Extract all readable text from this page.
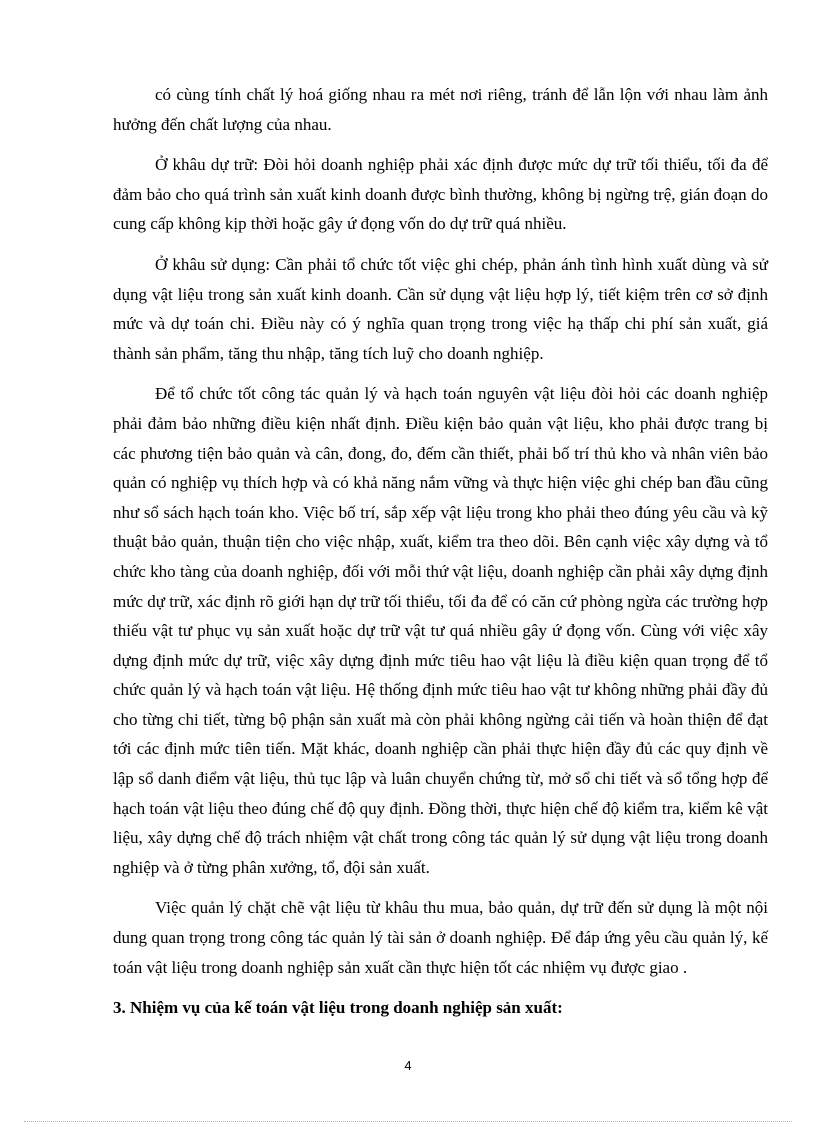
có cùng tính chất lý hoá giống nhau ra mét nơi riêng, tránh để lẫn lộn với nhau làm ảnh hưởng đến chất lượng của nhau.

Ở khâu dự trữ: Đòi hỏi doanh nghiệp phải xác định được mức dự trữ tối thiểu, tối đa để đảm bảo cho quá trình sản xuất kinh doanh được bình thường, không bị ngừng trệ, gián đoạn do cung cấp không kịp thời hoặc gây ứ đọng vốn do dự trữ quá nhiều.

Ở khâu sử dụng: Cần phải tổ chức tốt việc ghi chép, phản ánh tình hình xuất dùng và sử dụng vật liệu trong sản xuất kinh doanh. Cần sử dụng vật liệu hợp lý, tiết kiệm trên cơ sở định mức và dự toán chi. Điều này có ý nghĩa quan trọng trong việc hạ thấp chi phí sản xuất, giá thành sản phẩm, tăng thu nhập, tăng tích luỹ cho doanh nghiệp.

Để tổ chức tốt công tác quản lý và hạch toán nguyên vật liệu đòi hỏi các doanh nghiệp phải đảm bảo những điều kiện nhất định. Điều kiện bảo quản vật liệu, kho phải được trang bị các phương tiện bảo quản và cân, đong, đo, đếm cần thiết, phải bố trí thủ kho và nhân viên bảo quản có nghiệp vụ thích hợp và có khả năng nắm vững và thực hiện việc ghi chép ban đầu cũng như sổ sách hạch toán kho. Việc bố trí, sắp xếp vật liệu trong kho phải theo đúng yêu cầu và kỹ thuật bảo quản, thuận tiện cho việc nhập, xuất, kiểm tra theo dõi. Bên cạnh việc xây dựng và tổ chức kho tàng của doanh nghiệp, đối với mỗi thứ vật liệu, doanh nghiệp cần phải xây dựng định mức dự trữ, xác định rõ giới hạn dự trữ tối thiểu, tối đa để có căn cứ phòng ngừa các trường hợp thiếu vật tư phục vụ sản xuất hoặc dự trữ vật tư quá nhiều gây ứ đọng vốn. Cùng với việc xây dựng định mức dự trữ, việc xây dựng định mức tiêu hao vật liệu là điều kiện quan trọng để tổ chức quản lý và hạch toán vật liệu. Hệ thống định mức tiêu hao vật tư không những phải đầy đủ cho từng chi tiết, từng bộ phận sản xuất mà còn phải không ngừng cải tiến và hoàn thiện để đạt tới các định mức tiên tiến. Mặt khác, doanh nghiệp cần phải thực hiện đầy đủ các quy định về lập sổ danh điểm vật liệu, thủ tục lập và luân chuyển chứng từ, mở sổ chi tiết và sổ tổng hợp để hạch toán vật liệu theo đúng chế độ quy định. Đồng thời, thực hiện chế độ kiểm tra, kiểm kê vật liệu, xây dựng chế độ trách nhiệm vật chất trong công tác quản lý sử dụng vật liệu trong doanh nghiệp và ở từng phân xưởng, tổ, đội sản xuất.

Việc quản lý chặt chẽ vật liệu từ khâu thu mua, bảo quản, dự trữ đến sử dụng là một nội dung quan trọng trong công tác quản lý tài sản ở doanh nghiệp. Để đáp ứng yêu cầu quản lý, kế toán vật liệu trong doanh nghiệp sản xuất cần thực hiện tốt các nhiệm vụ được giao .

3. Nhiệm vụ của kế toán vật liệu trong doanh nghiệp sản xuất:

4
